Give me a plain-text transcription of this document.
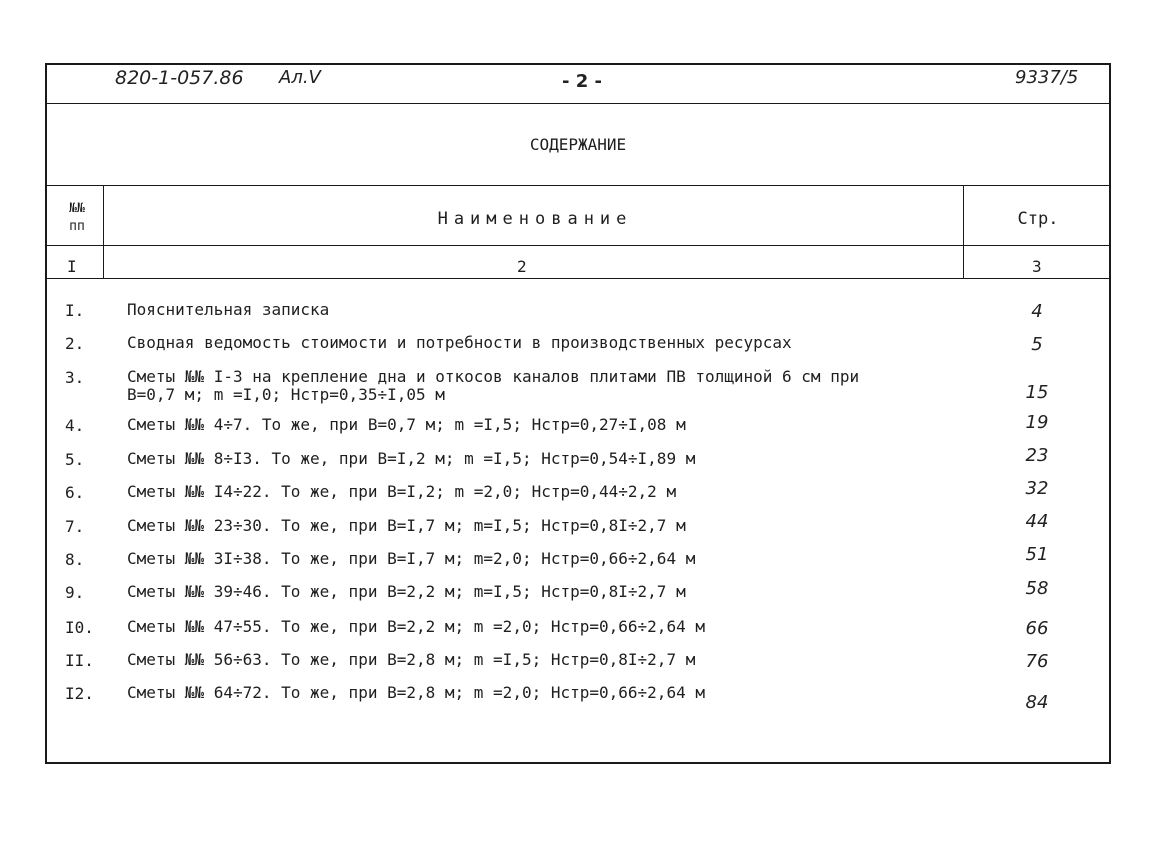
820-1-057.86 Ал.V	- 2 -	9337/5
СОДЕРЖАНИЕ
№№
пп	Наименование	Стр.
I	2	3
I.	Пояснительная записка	4
2.	Сводная ведомость стоимости и потребности в производственных ресурсах	5
3.	Сметы №№ I-3 на крепление дна и откосов каналов плитами ПВ толщиной 6 см при
В=0,7 м; m =I,0; Нстр=0,35÷I,05 м	15
4.	Сметы №№ 4÷7. То же, при В=0,7 м; m =I,5; Нстр=0,27÷I,08 м	19
5.	Сметы №№ 8÷I3. То же, при В=I,2 м; m =I,5; Нстр=0,54÷I,89 м	23
6.	Сметы №№ I4÷22. То же, при В=I,2; m =2,0; Нстр=0,44÷2,2 м	32
7.	Сметы №№ 23÷30. То же, при В=I,7 м; m=I,5; Нстр=0,8I÷2,7 м	44
8.	Сметы №№ 3I÷38. То же, при В=I,7 м; m=2,0; Нстр=0,66÷2,64 м	51
9.	Сметы №№ 39÷46. То же, при В=2,2 м; m=I,5; Нстр=0,8I÷2,7 м	58
I0. Сметы №№ 47÷55. То же, при В=2,2 м; m =2,0; Нстр=0,66÷2,64 м	66
II. Сметы №№ 56÷63. То же, при В=2,8 м; m =I,5; Нстр=0,8I÷2,7 м	76
I2. Сметы №№ 64÷72. То же, при В=2,8 м; m =2,0; Нстр=0,66÷2,64 м	84
